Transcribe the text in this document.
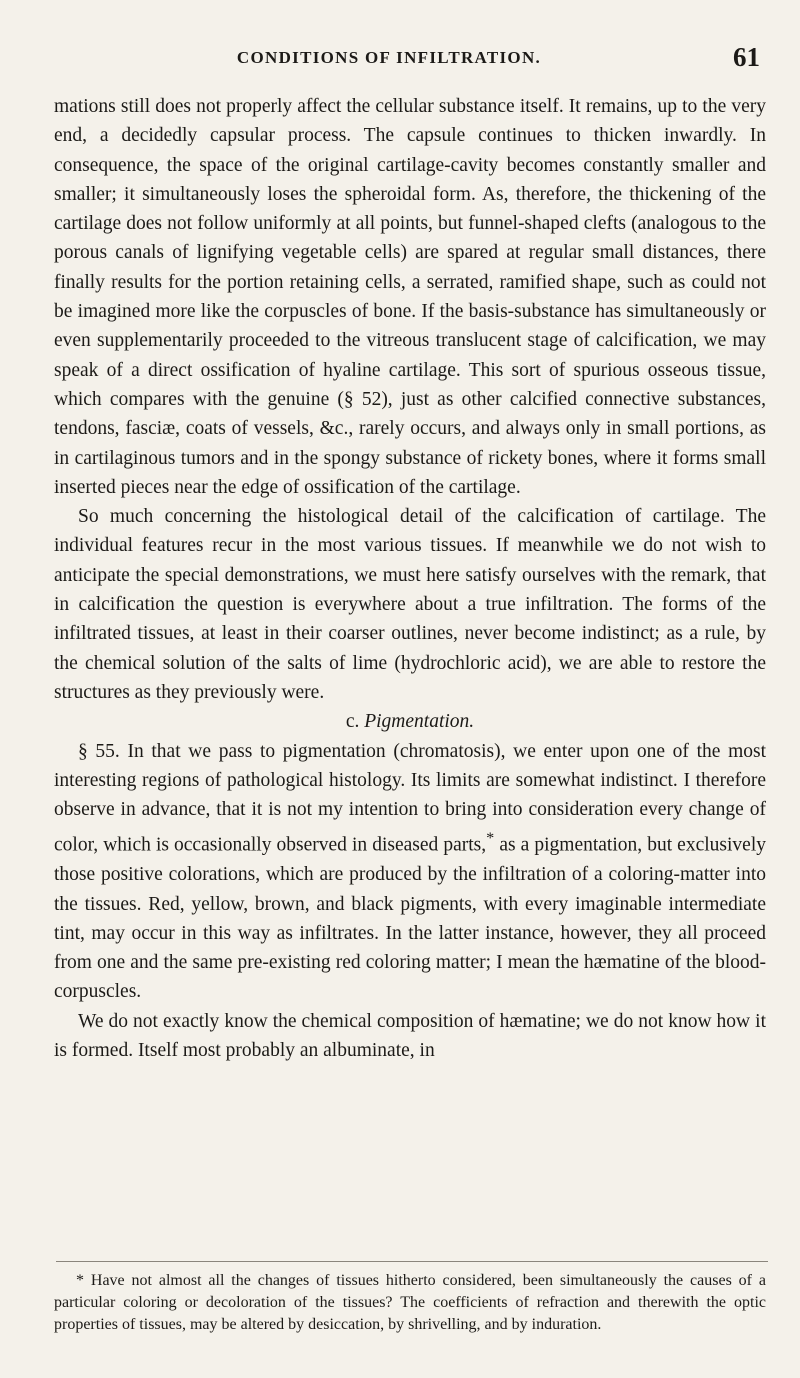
CONDITIONS OF INFILTRATION.	61

mations still does not properly affect the cellular substance itself. It remains, up to the very end, a decidedly capsular process. The capsule continues to thicken inwardly. In consequence, the space of the original cartilage-cavity becomes constantly smaller and smaller; it simultaneously loses the spheroidal form. As, therefore, the thickening of the cartilage does not follow uniformly at all points, but funnel-shaped clefts (analogous to the porous canals of lignifying vegetable cells) are spared at regular small distances, there finally results for the portion retaining cells, a serrated, ramified shape, such as could not be imagined more like the corpuscles of bone. If the basis-substance has simultaneously or even supplementarily proceeded to the vitreous translucent stage of calcification, we may speak of a direct ossification of hyaline cartilage. This sort of spurious osseous tissue, which compares with the genuine (§ 52), just as other calcified connective substances, tendons, fasciæ, coats of vessels, &c., rarely occurs, and always only in small portions, as in cartilaginous tumors and in the spongy substance of rickety bones, where it forms small inserted pieces near the edge of ossification of the cartilage.

So much concerning the histological detail of the calcification of cartilage. The individual features recur in the most various tissues. If meanwhile we do not wish to anticipate the special demonstrations, we must here satisfy ourselves with the remark, that in calcification the question is everywhere about a true infiltration. The forms of the infiltrated tissues, at least in their coarser outlines, never become indistinct; as a rule, by the chemical solution of the salts of lime (hydrochloric acid), we are able to restore the structures as they previously were.

c. Pigmentation.

§ 55. In that we pass to pigmentation (chromatosis), we enter upon one of the most interesting regions of pathological histology. Its limits are somewhat indistinct. I therefore observe in advance, that it is not my intention to bring into consideration every change of color, which is occasionally observed in diseased parts,* as a pigmentation, but exclusively those positive colorations, which are produced by the infiltration of a coloring-matter into the tissues. Red, yellow, brown, and black pigments, with every imaginable intermediate tint, may occur in this way as infiltrates. In the latter instance, however, they all proceed from one and the same pre-existing red coloring matter; I mean the hæmatine of the blood-corpuscles.

We do not exactly know the chemical composition of hæmatine; we do not know how it is formed. Itself most probably an albuminate, in

* Have not almost all the changes of tissues hitherto considered, been simultaneously the causes of a particular coloring or decoloration of the tissues? The coefficients of refraction and therewith the optic properties of tissues, may be altered by desiccation, by shrivelling, and by induration.
